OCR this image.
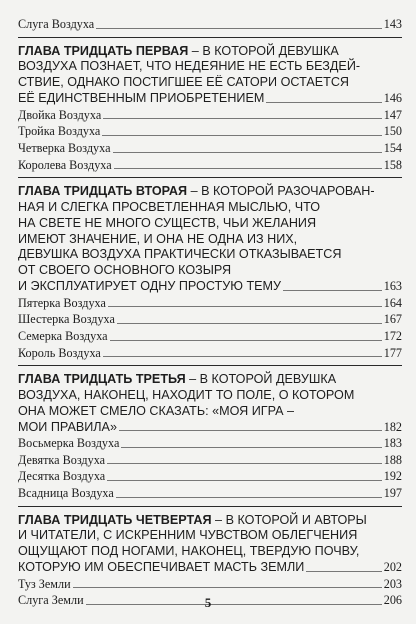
Слуга Воздуха	143
ГЛАВА ТРИДЦАТЬ ПЕРВАЯ – В КОТОРОЙ ДЕВУШКА
ВОЗДУХА ПОЗНАЕТ, ЧТО НЕДЕЯНИЕ НЕ ЕСТЬ БЕЗДЕЙ-
СТВИЕ, ОДНАКО ПОСТИГШЕЕ ЕЁ САТОРИ ОСТАЕТСЯ
ЕЁ ЕДИНСТВЕННЫМ ПРИОБРЕТЕНИЕМ	146
Двойка Воздуха	147
Тройка Воздуха	150
Четверка Воздуха	154
Королева Воздуха	158
ГЛАВА ТРИДЦАТЬ ВТОРАЯ – В КОТОРОЙ РАЗОЧАРОВАН-
НАЯ И СЛЕГКА ПРОСВЕТЛЕННАЯ МЫСЛЬЮ, ЧТО
НА СВЕТЕ НЕ МНОГО СУЩЕСТВ, ЧЬИ ЖЕЛАНИЯ
ИМЕЮТ ЗНАЧЕНИЕ, И ОНА НЕ ОДНА ИЗ НИХ,
ДЕВУШКА ВОЗДУХА ПРАКТИЧЕСКИ ОТКАЗЫВАЕТСЯ
ОТ СВОЕГО ОСНОВНОГО КОЗЫРЯ
И ЭКСПЛУАТИРУЕТ ОДНУ ПРОСТУЮ ТЕМУ	163
Пятерка Воздуха	164
Шестерка Воздуха	167
Семерка Воздуха	172
Король Воздуха	177
ГЛАВА ТРИДЦАТЬ ТРЕТЬЯ – В КОТОРОЙ ДЕВУШКА
ВОЗДУХА, НАКОНЕЦ, НАХОДИТ ТО ПОЛЕ, О КОТОРОМ
ОНА МОЖЕТ СМЕЛО СКАЗАТЬ: «МОЯ ИГРА –
МОИ ПРАВИЛА»	182
Восьмерка Воздуха	183
Девятка Воздуха	188
Десятка Воздуха	192
Всадница Воздуха	197
ГЛАВА ТРИДЦАТЬ ЧЕТВЕРТАЯ – В КОТОРОЙ И АВТОРЫ
И ЧИТАТЕЛИ, С ИСКРЕННИМ ЧУВСТВОМ ОБЛЕГЧЕНИЯ
ОЩУЩАЮТ ПОД НОГАМИ, НАКОНЕЦ, ТВЕРДУЮ ПОЧВУ,
КОТОРУЮ ИМ ОБЕСПЕЧИВАЕТ МАСТЬ ЗЕМЛИ	202
Туз Земли	203
Слуга Земли	206
5
